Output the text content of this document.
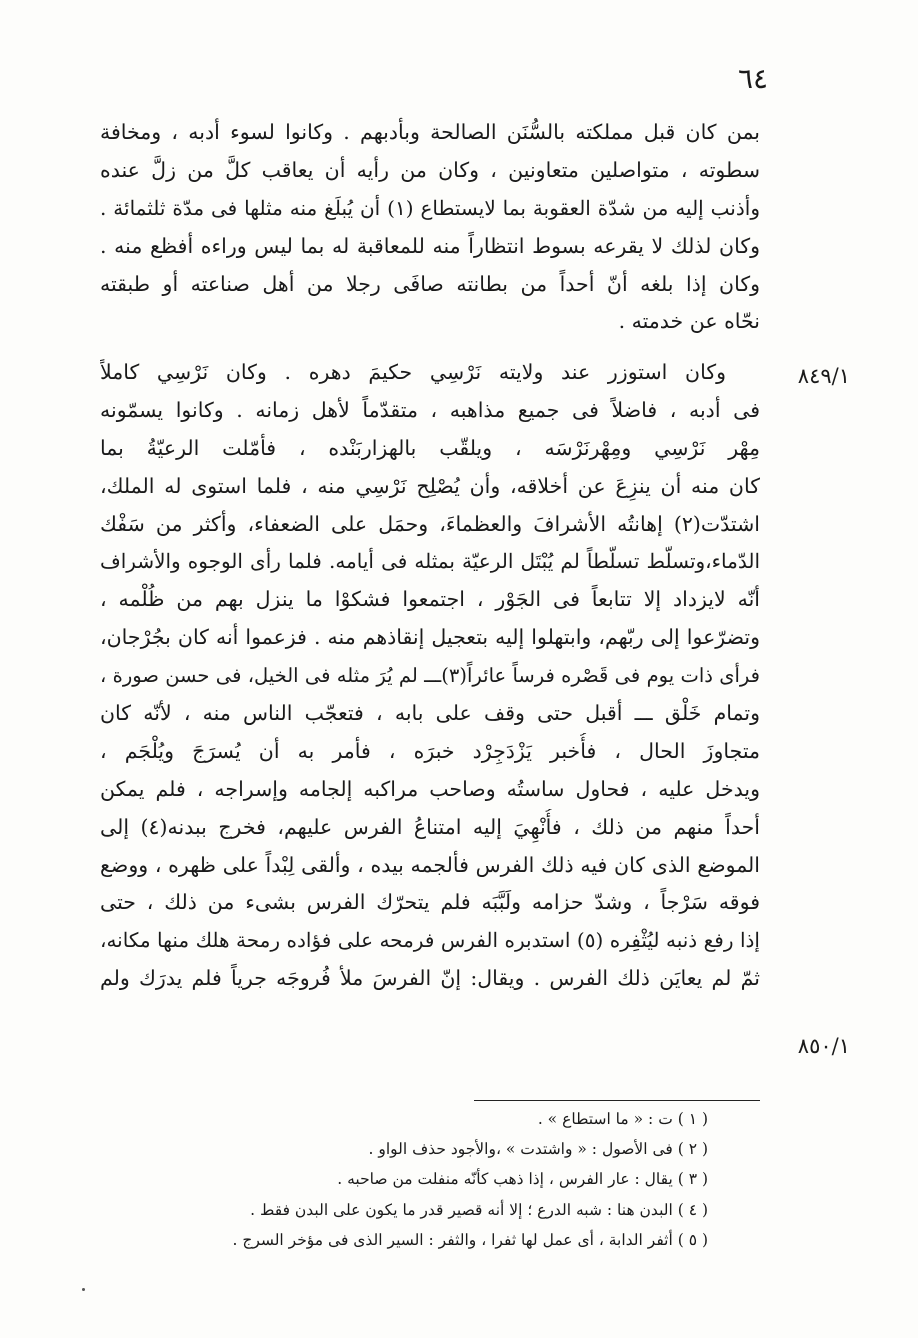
٦٤
بمن كان قبل مملكته بالسُّنَن الصالحة وبأدبهم . وكانوا لسوء أدبه ، ومخافة
سطوته ، متواصلين متعاونين ، وكان من رأيه أن يعاقب كلَّ من زلَّ عنده
وأذنب إليه من شدّة العقوبة بما لايستطاع (١) أن يُبلَغ منه مثلها فى مدّة ثلثمائة .
وكان لذلك لا يقرعه بسوط انتظاراً منه للمعاقبة له بما ليس وراءه أفظع منه .
وكان إذا بلغه أنّ أحداً من بطانته صافَى رجلا من أهل صناعته أو طبقته
نحّاه عن خدمته .
٨٤٩/١
٨٥٠/١
وكان استوزر عند ولايته نَرْسِي حكيمَ دهره . وكان نَرْسِي كاملاً
فى أدبه ، فاضلاً فى جميع مذاهبه ، متقدّماً لأهل زمانه . وكانوا يسمّونه
مِهْر نَرْسِي ومِهْرنَرْسَه ، ويلقّب بالهزاربَنْده ، فأمّلت الرعيّةُ بما
كان منه أن ينزِعَ عن أخلاقه، وأن يُصْلِح نَرْسِي منه ، فلما استوى له الملك،
اشتدّت(٢) إهانتُه الأشرافَ والعظماءَ، وحمَل على الضعفاء، وأكثر من سَفْك
الدّماء،وتسلّط تسلّطاً لم يُبْتَل الرعيّة بمثله فى أيامه. فلما رأى الوجوه والأشراف
أنّه لايزداد إلا تتابعاً فى الجَوْر ، اجتمعوا فشكوْا ما ينزل بهم من ظُلْمه ،
وتضرّعوا إلى ربّهم، وابتهلوا إليه بتعجيل إنقاذهم منه . فزعموا أنه كان بجُرْجان،
فرأى ذات يوم فى قَصْره فرساً عائراً(٣)ـــ لم يُرَ مثله فى الخيل، فى حسن صورة ،
وتمام خَلْق ـــ أقبل حتى وقف على بابه ، فتعجّب الناس منه ، لأنّه كان
متجاوزَ الحال ، فأُخبر يَزْدَجِرْد خبرَه ، فأمر به أن يُسرَجَ ويُلْجَم ،
ويدخل عليه ، فحاول ساستُه وصاحب مراكبه إلجامه وإسراجه ، فلم يمكن
أحداً منهم من ذلك ، فأُنْهِيَ إليه امتناعُ الفرس عليهم، فخرج ببدنه(٤) إلى
الموضع الذى كان فيه ذلك الفرس فألجمه بيده ، وألقى لِبْداً على ظهره ، ووضع
فوقه سَرْجاً ، وشدّ حزامه ولَبَّبَه فلم يتحرّك الفرس بشىء من ذلك ، حتى
إذا رفع ذنبه ليُثْفِره (٥) استدبره الفرس فرمحه على فؤاده رمحة هلك منها مكانه،
ثمّ لم يعايَن ذلك الفرس . ويقال: إنّ الفرسَ ملأ فُروجَه جرياً فلم يدرَك ولم
( ١ ) ت : « ما استطاع » .
( ٢ ) فى الأصول : « واشتدت » ،والأجود حذف الواو .
( ٣ ) يقال : عار الفرس ، إذا ذهب كأنّه منفلت من صاحبه .
( ٤ ) البدن هنا : شبه الدرع ؛ إلا أنه قصير قدر ما يكون على البدن فقط .
( ٥ ) أثفر الدابة ، أى عمل لها ثفرا ، والثفر : السير الذى فى مؤخر السرج .
